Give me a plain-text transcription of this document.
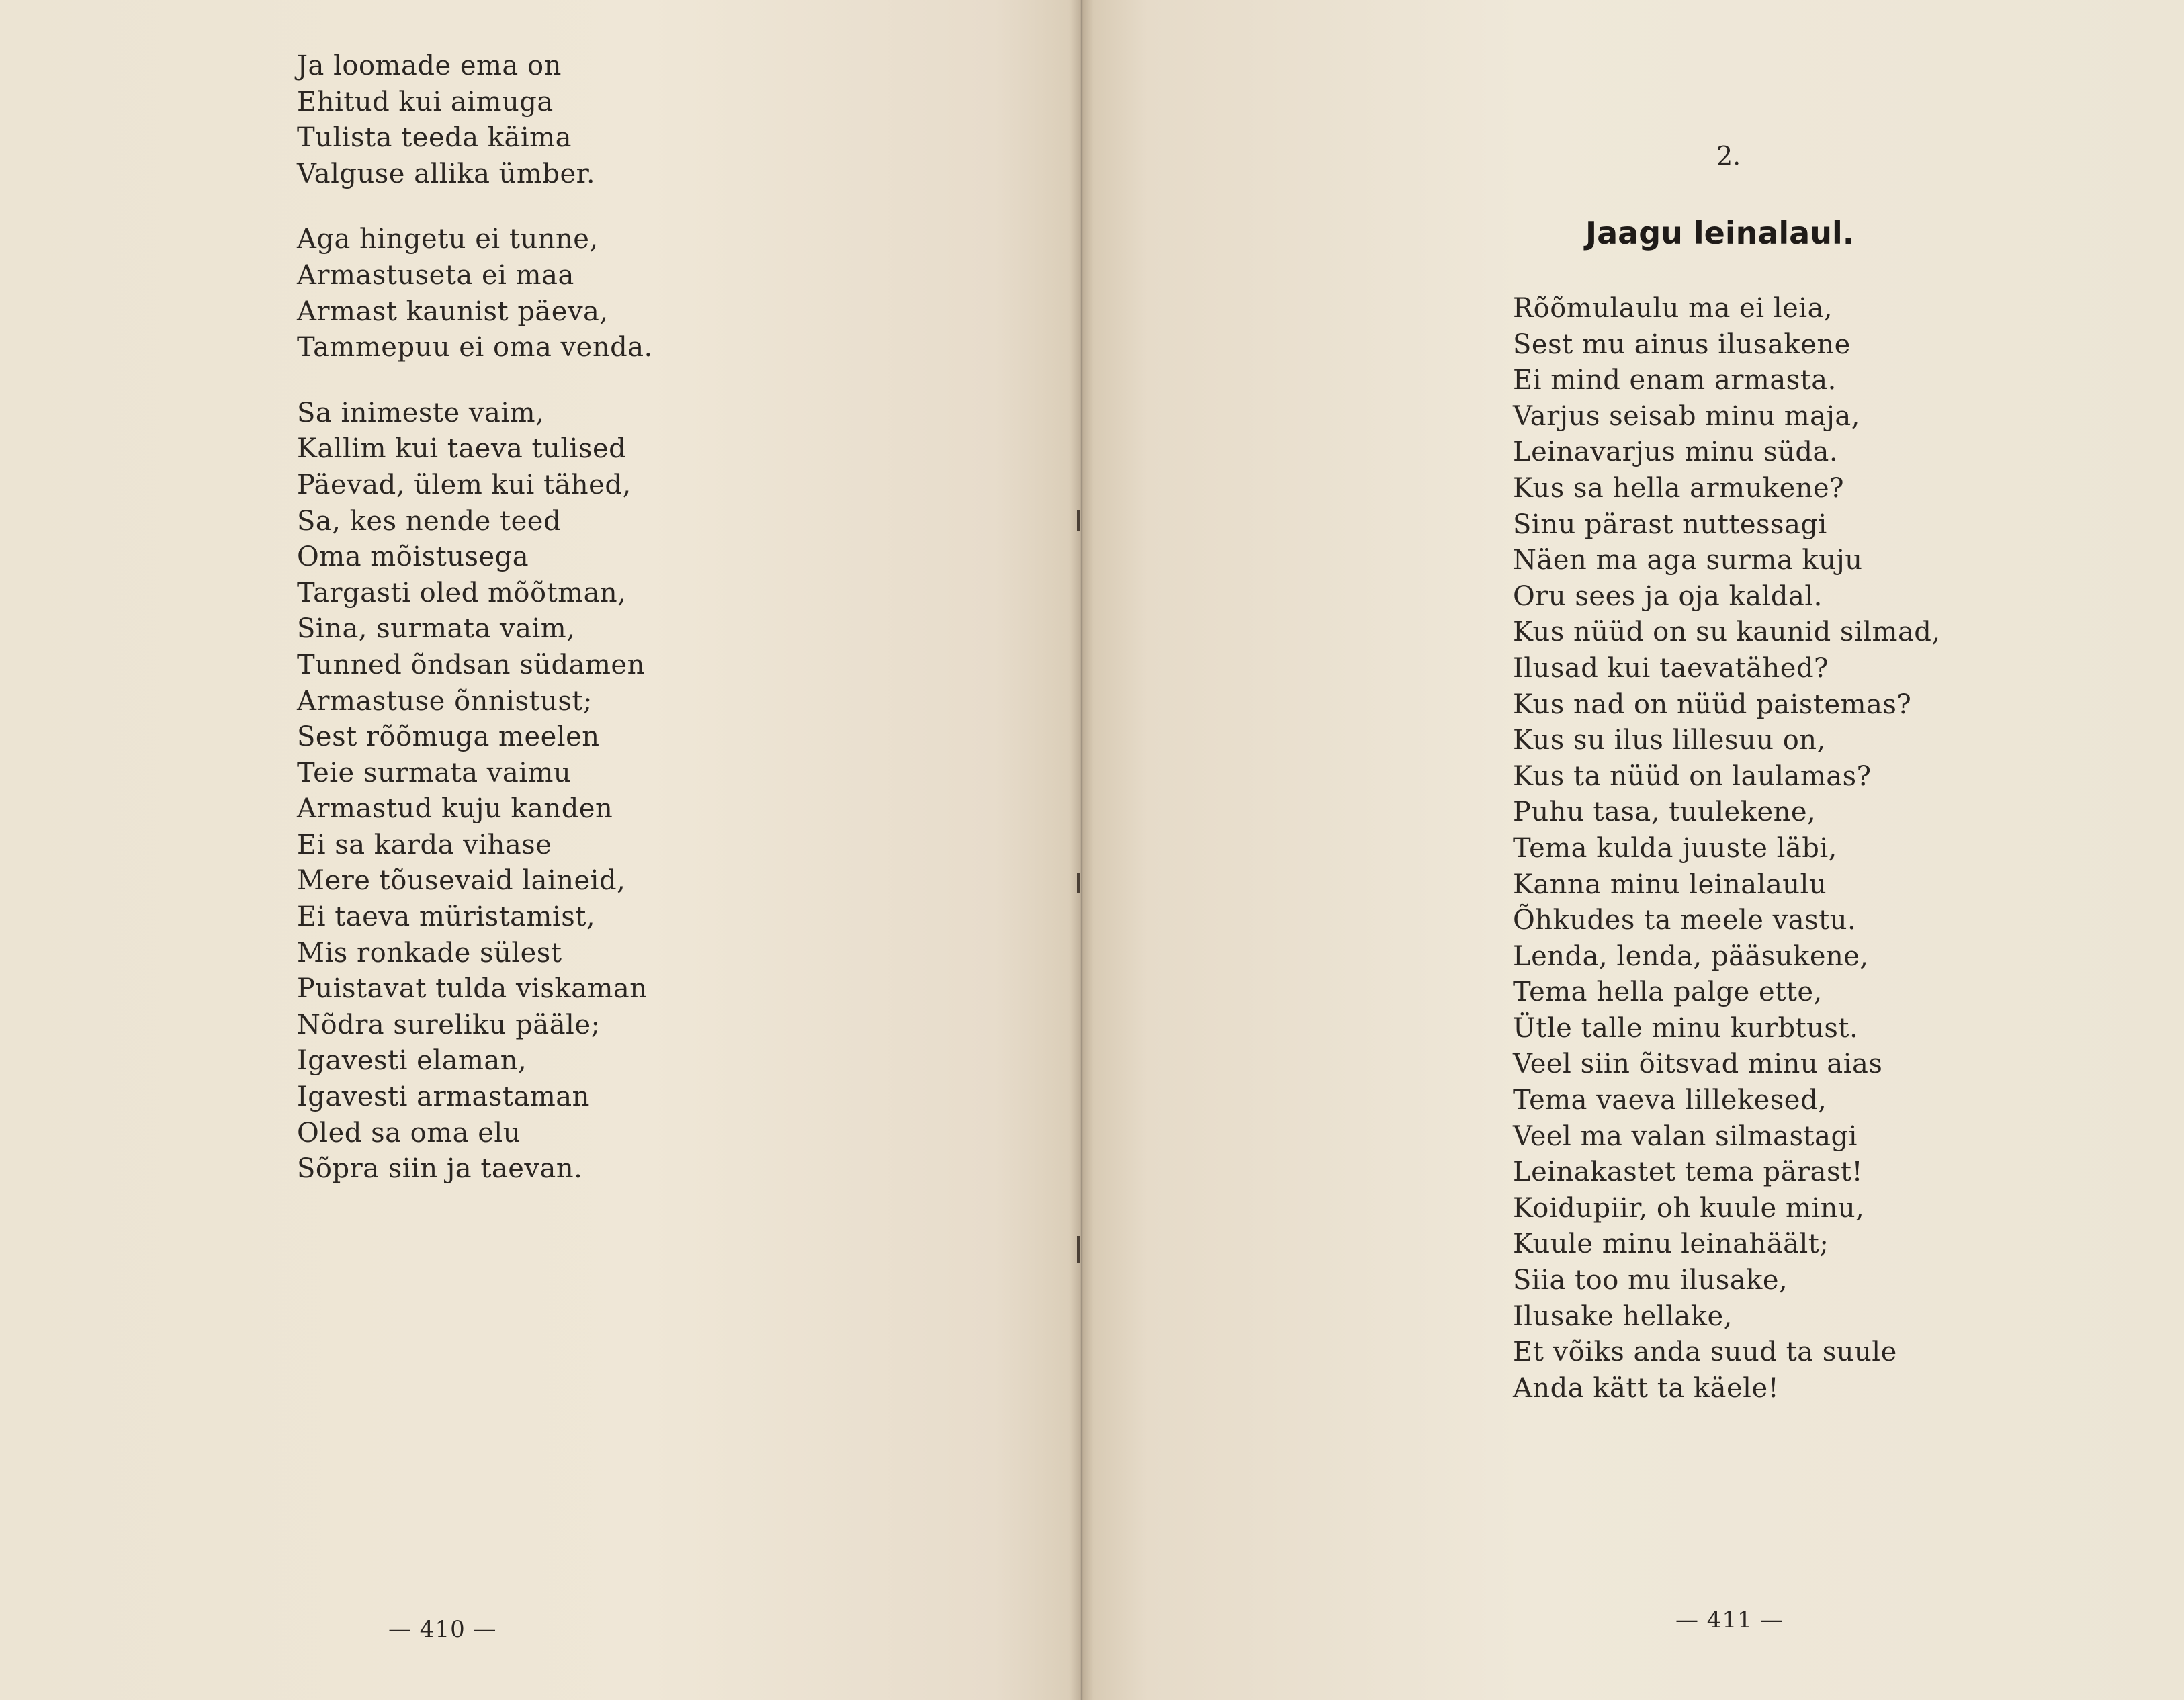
Ja loomade ema on
Ehitud kui aimuga
Tulista teeda käima
Valguse allika ümber.
Aga hingetu ei tunne,
Armastuseta ei maa
Armast kaunist päeva,
Tammepuu ei oma venda.
Sa inimeste vaim,
Kallim kui taeva tulised
Päevad, ülem kui tähed,
Sa, kes nende teed
Oma mõistusega
Targasti oled mõõtman,
Sina, surmata vaim,
Tunned õndsan südamen
Armastuse õnnistust;
Sest rõõmuga meelen
Teie surmata vaimu
Armastud kuju kanden
Ei sa karda vihase
Mere tõusevaid laineid,
Ei taeva müristamist,
Mis ronkade sülest
Puistavat tulda viskaman
Nõdra sureliku pääle;
Igavesti elaman,
Igavesti armastaman
Oled sa oma elu
Sõpra siin ja taevan.
— 410 —
2.
Jaagu leinalaul.
Rõõmulaulu ma ei leia,
Sest mu ainus ilusakene
Ei mind enam armasta.
Varjus seisab minu maja,
Leinavarjus minu süda.
Kus sa hella armukene?
Sinu pärast nuttessagi
Näen ma aga surma kuju
Oru sees ja oja kaldal.
Kus nüüd on su kaunid silmad,
Ilusad kui taevatähed?
Kus nad on nüüd paistemas?
Kus su ilus lillesuu on,
Kus ta nüüd on laulamas?
Puhu tasa, tuulekene,
Tema kulda juuste läbi,
Kanna minu leinalaulu
Õhkudes ta meele vastu.
Lenda, lenda, pääsukene,
Tema hella palge ette,
Ütle talle minu kurbtust.
Veel siin õitsvad minu aias
Tema vaeva lillekesed,
Veel ma valan silmastagi
Leinakastet tema pärast!
Koidupiir, oh kuule minu,
Kuule minu leinahäält;
Siia too mu ilusake,
Ilusake hellake,
Et võiks anda suud ta suule
Anda kätt ta käele!
— 411 —
